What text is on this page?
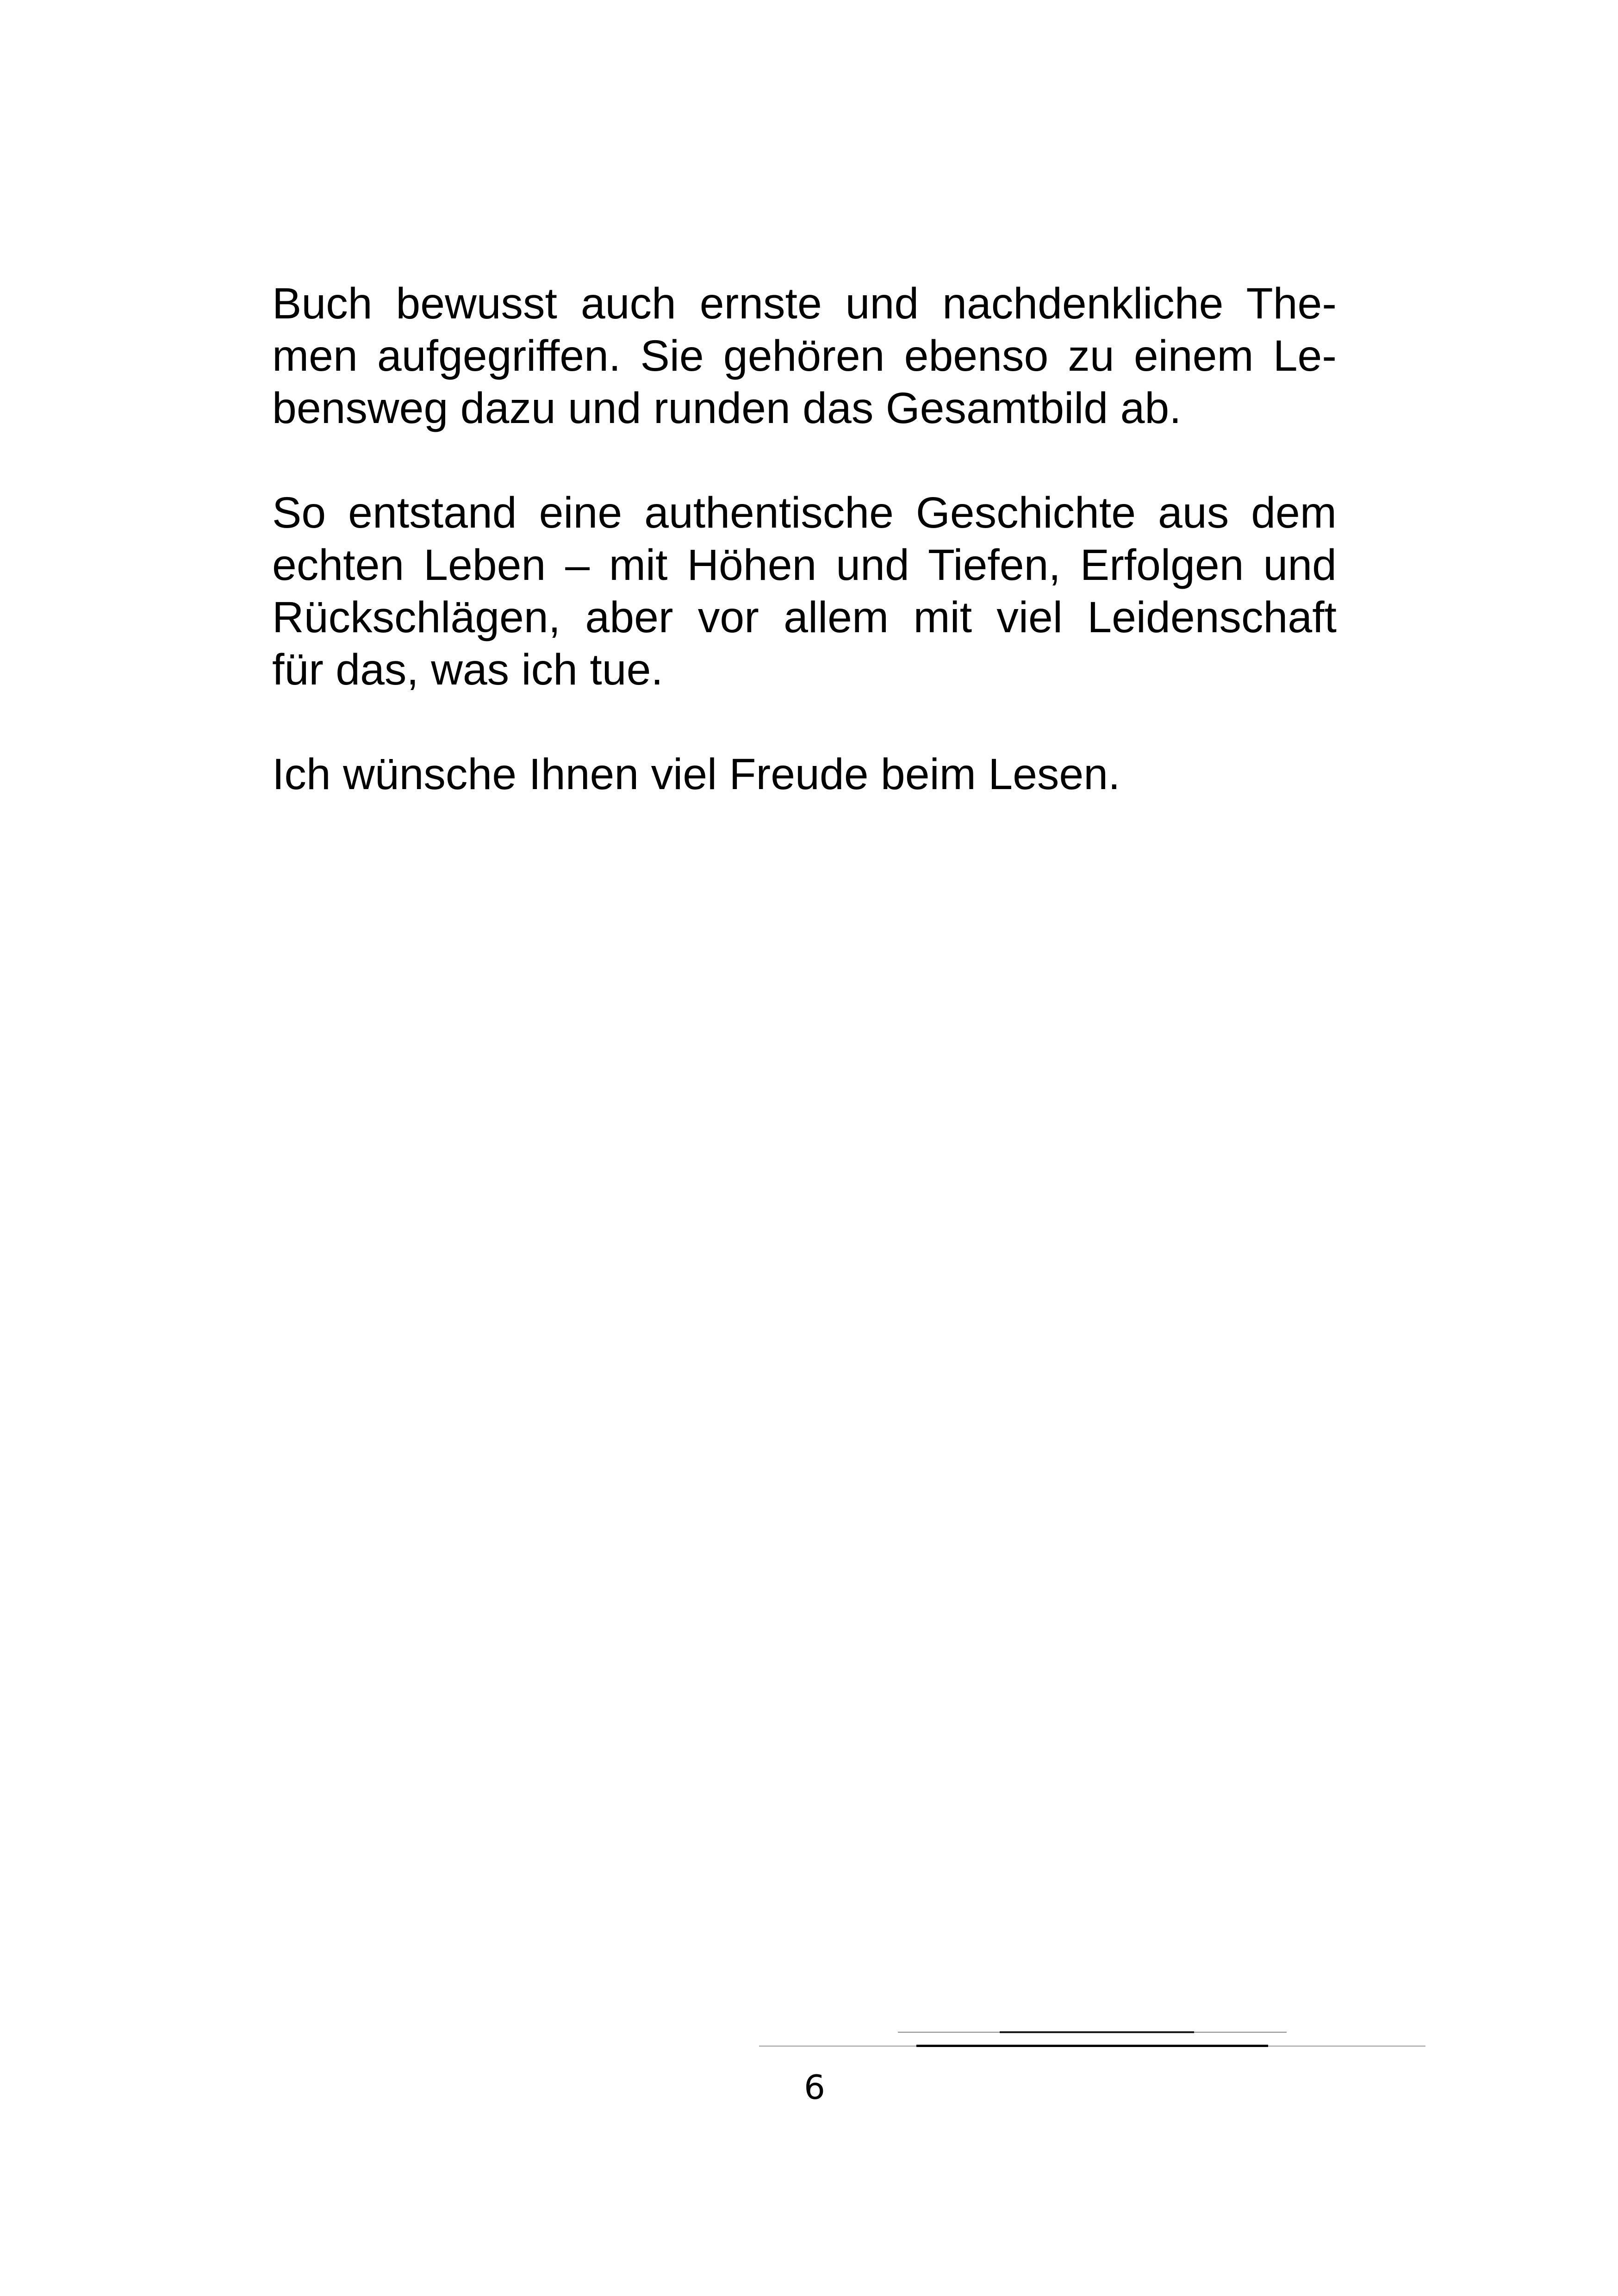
Buch bewusst auch ernste und nachdenkliche The-
men aufgegriffen. Sie gehören ebenso zu einem Le-
bensweg dazu und runden das Gesamtbild ab.

So entstand eine authentische Geschichte aus dem
echten Leben – mit Höhen und Tiefen, Erfolgen und
Rückschlägen, aber vor allem mit viel Leidenschaft
für das, was ich tue.

Ich wünsche Ihnen viel Freude beim Lesen.

6
